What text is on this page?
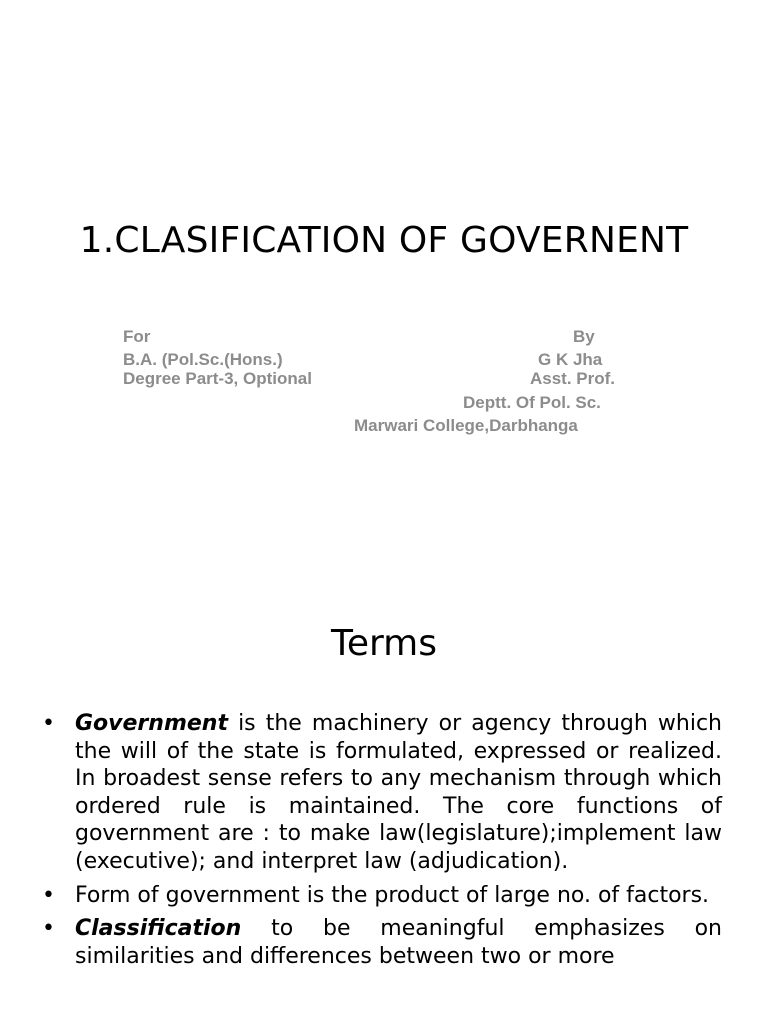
1.CLASIFICATION OF GOVERNENT
For
B.A. (Pol.Sc.(Hons.)
Degree Part-3, Optional
By
G K Jha
Asst. Prof.
Deptt. Of Pol. Sc.
Marwari College,Darbhanga
Terms
• Government is the machinery or agency through which the will of the state is formulated, expressed or realized. In broadest sense refers to any mechanism through which ordered rule is maintained. The core functions of government are : to make law(legislature);implement law (executive); and interpret law (adjudication).
• Form of government is the product of large no. of factors.
• Classification to be meaningful emphasizes on similarities and differences between two or more
